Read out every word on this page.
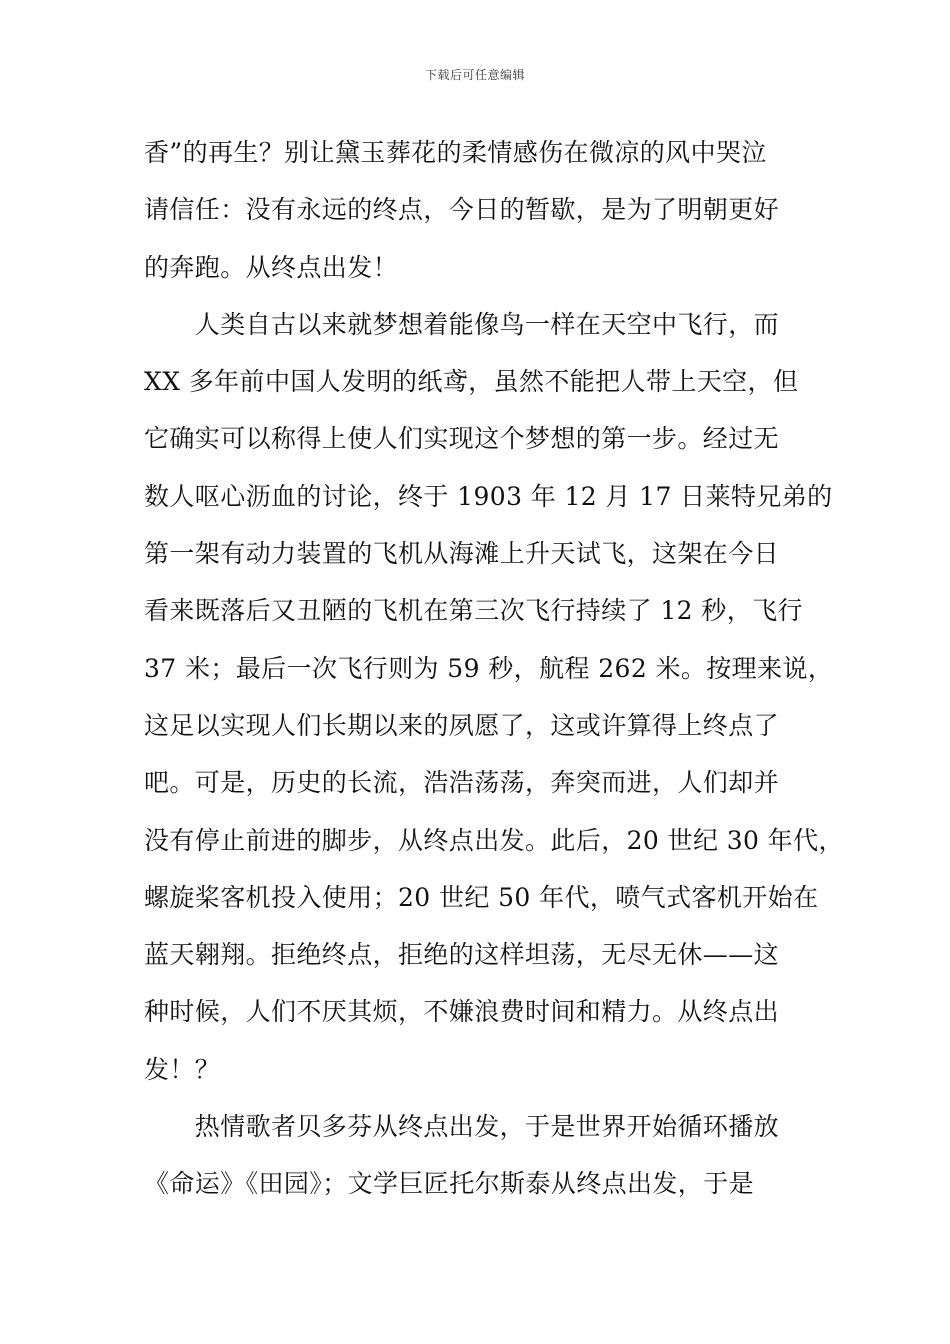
下载后可任意编辑
香”的再生？别让黛玉葬花的柔情感伤在微凉的风中哭泣
请信任：没有永远的终点，今日的暂歇，是为了明朝更好
的奔跑。从终点出发！
　　人类自古以来就梦想着能像鸟一样在天空中飞行，而
XX 多年前中国人发明的纸鸢，虽然不能把人带上天空，但
它确实可以称得上使人们实现这个梦想的第一步。经过无
数人呕心沥血的讨论，终于 1903 年 12 月 17 日莱特兄弟的
第一架有动力装置的飞机从海滩上升天试飞，这架在今日
看来既落后又丑陋的飞机在第三次飞行持续了 12 秒，飞行
37 米；最后一次飞行则为 59 秒，航程 262 米。按理来说，
这足以实现人们长期以来的夙愿了，这或许算得上终点了
吧。可是，历史的长流，浩浩荡荡，奔突而进，人们却并
没有停止前进的脚步，从终点出发。此后，20 世纪 30 年代，
螺旋桨客机投入使用；20 世纪 50 年代，喷气式客机开始在
蓝天翱翔。拒绝终点，拒绝的这样坦荡，无尽无休——这
种时候，人们不厌其烦，不嫌浪费时间和精力。从终点出
发！？
　　热情歌者贝多芬从终点出发，于是世界开始循环播放
《命运》《田园》；文学巨匠托尔斯泰从终点出发，于是
